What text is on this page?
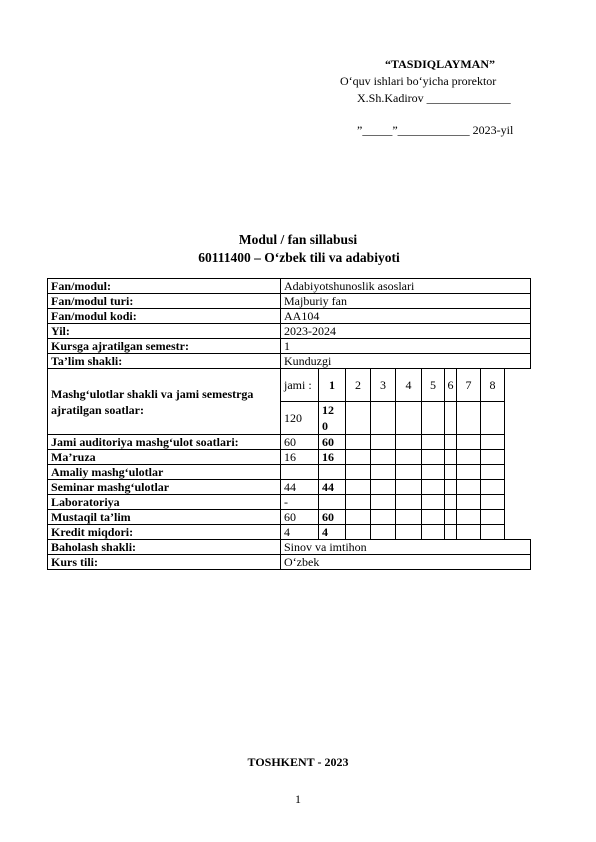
“TASDIQLAYMAN”
O‘quv ishlari bo‘yicha prorektor
X.Sh.Kadirov ______________
”_____”____________ 2023-yil
Modul / fan sillabusi
60111400 – O‘zbek tili va adabiyoti
Fan/modul:	Adabiyotshunoslik asoslari								
Fan/modul turi:	Majburiy fan								
Fan/modul kodi:	AA104								
Yil:	2023-2024								
Kursga ajratilgan semestr:	1								
Ta’lim shakli:	Kunduzgi								
Mashg‘ulotlar shakli va jami semestrga ajratilgan soatlar:	jami :	1	2	3	4	5	6	7	8
	120	12 0							
Jami auditoriya mashg‘ulot soatlari:	60	60							
Ma’ruza	16	16							
Amaliy mashg‘ulotlar									
Seminar mashg‘ulotlar	44	44							
Laboratoriya	-								
Mustaqil ta’lim	60	60							
Kredit miqdori:	4	4							
Baholash shakli:	Sinov va imtihon								
Kurs tili:	O‘zbek								
TOSHKENT - 2023
1
